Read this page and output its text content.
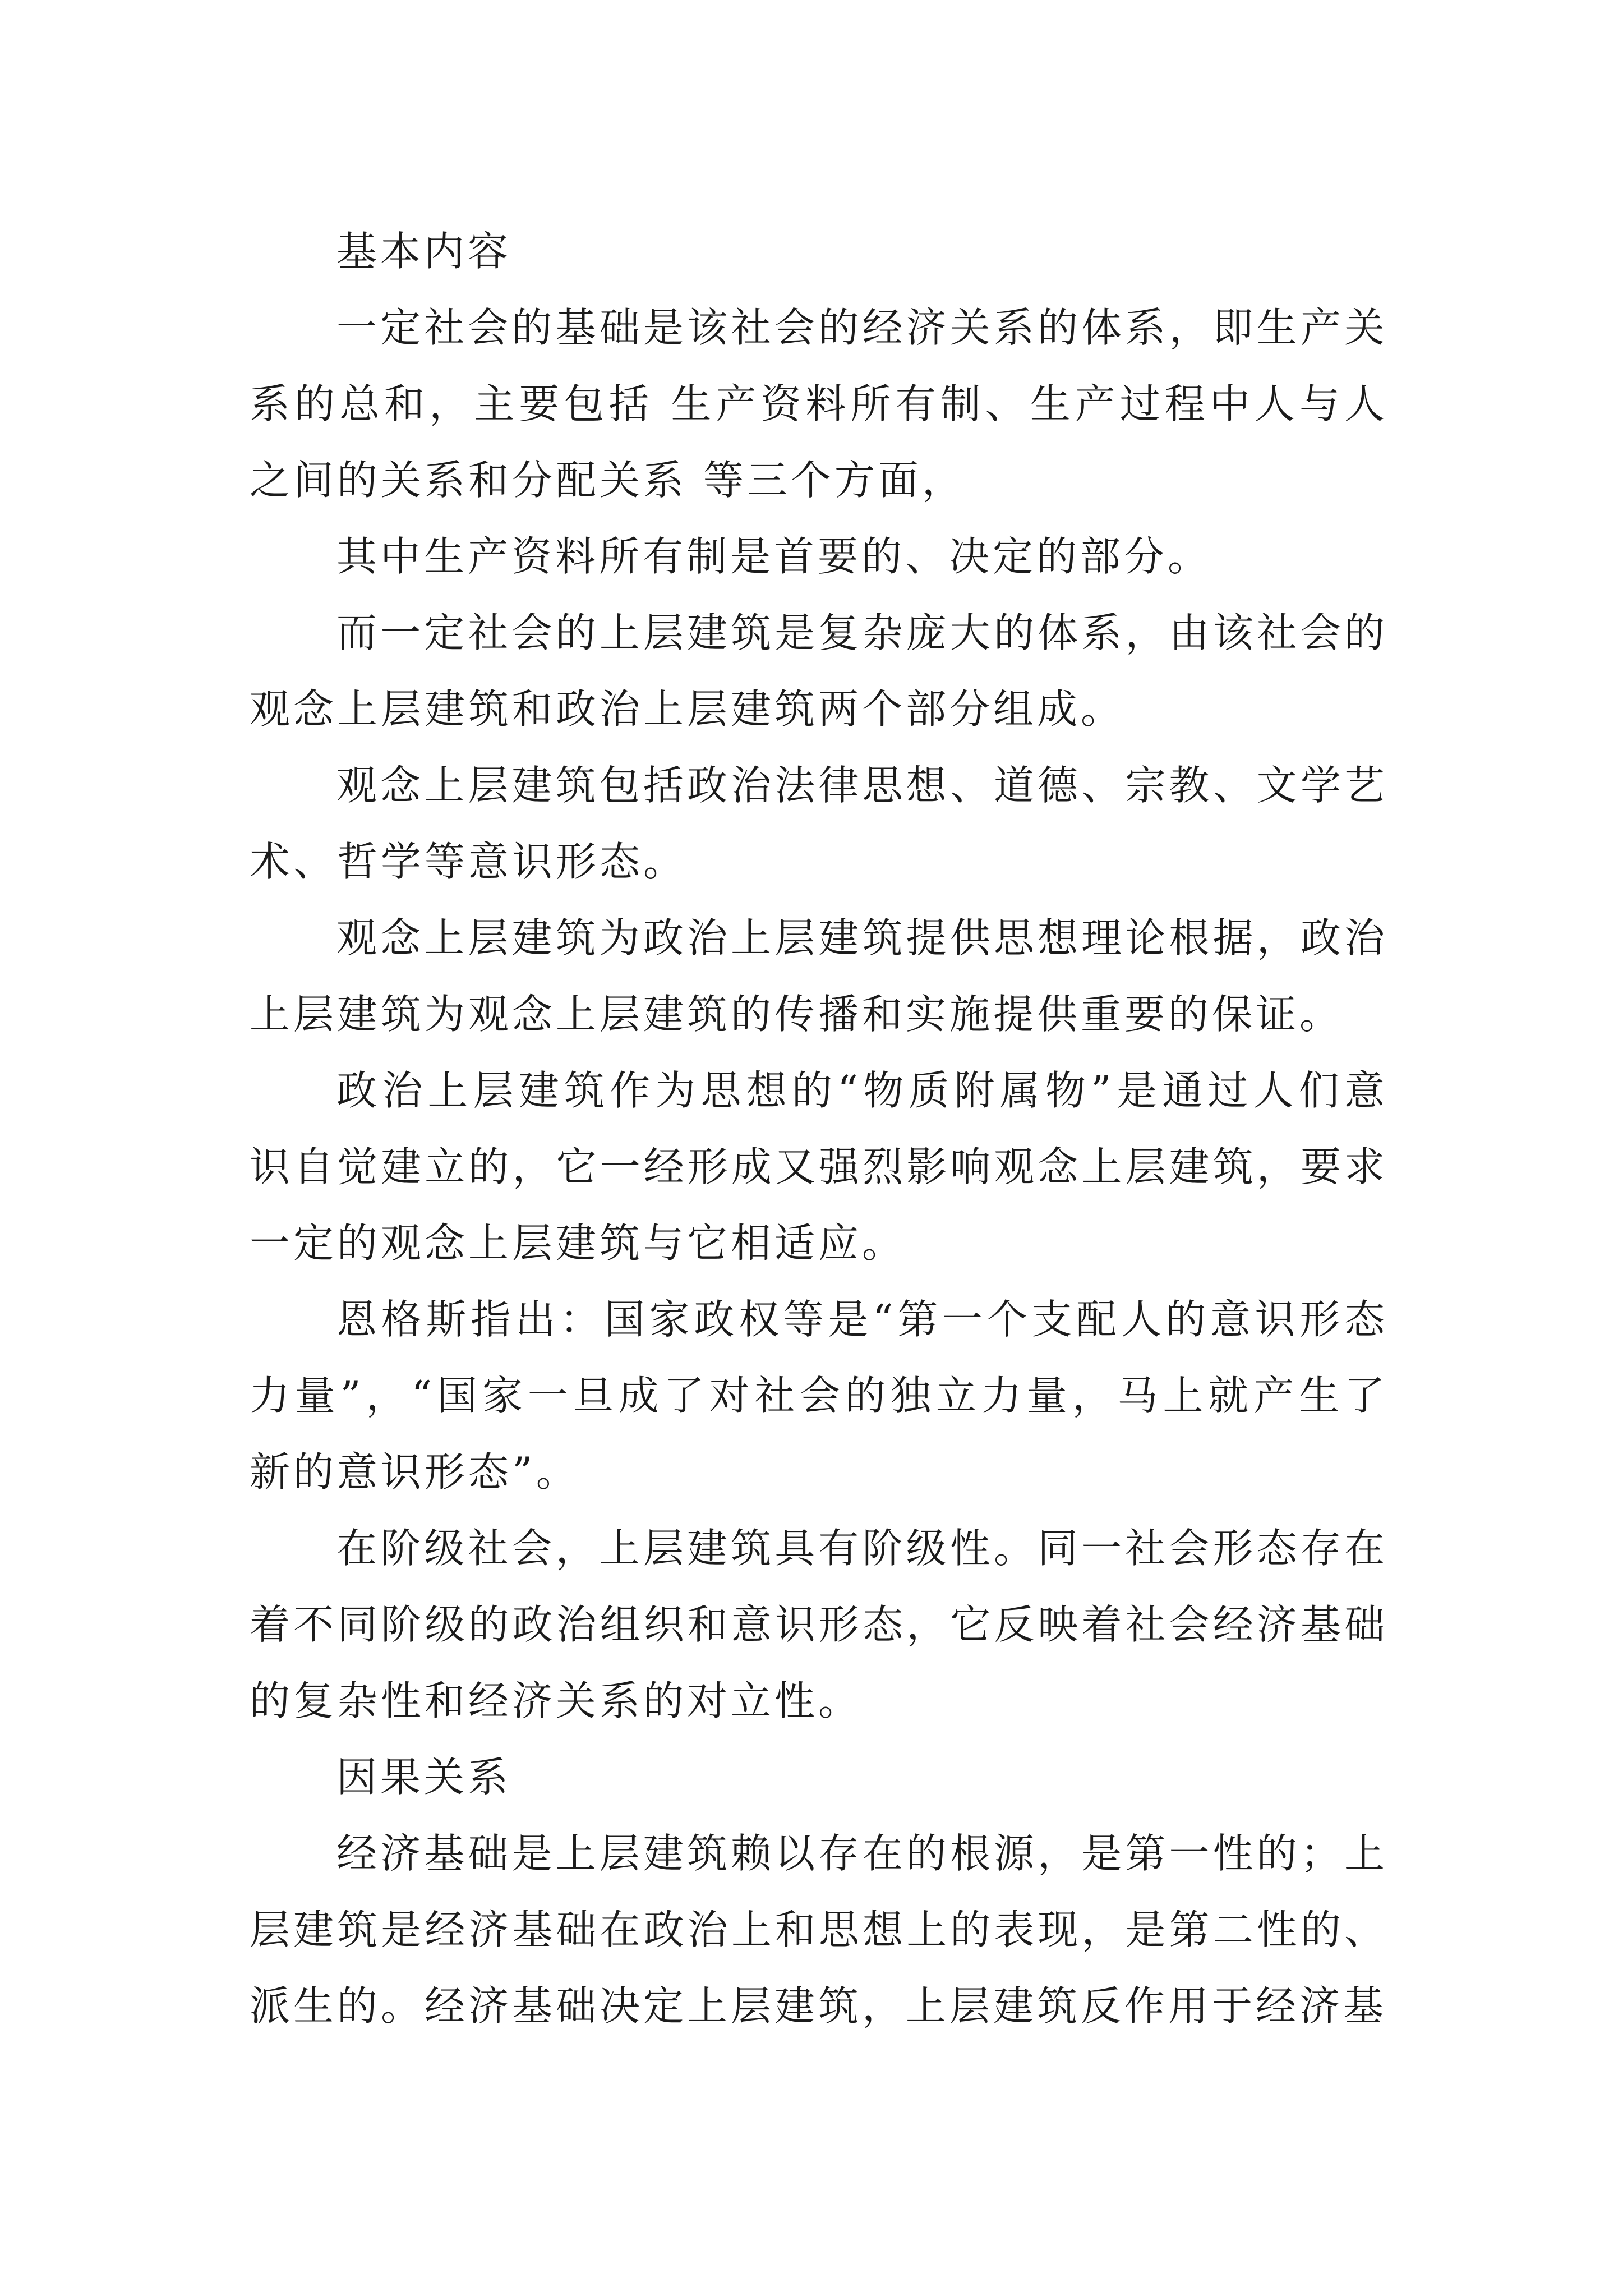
基本内容

一定社会的基础是该社会的经济关系的体系，即生产关系的总和，主要包括 生产资料所有制、生产过程中人与人之间的关系和分配关系 等三个方面，

其中生产资料所有制是首要的、决定的部分。

而一定社会的上层建筑是复杂庞大的体系，由该社会的观念上层建筑和政治上层建筑两个部分组成。

观念上层建筑包括政治法律思想、道德、宗教、文学艺术、哲学等意识形态。

观念上层建筑为政治上层建筑提供思想理论根据，政治上层建筑为观念上层建筑的传播和实施提供重要的保证。

政治上层建筑作为思想的“物质附属物”是通过人们意识自觉建立的，它一经形成又强烈影响观念上层建筑，要求一定的观念上层建筑与它相适应。

恩格斯指出：国家政权等是“第一个支配人的意识形态力量”，“国家一旦成了对社会的独立力量，马上就产生了新的意识形态”。

在阶级社会，上层建筑具有阶级性。同一社会形态存在着不同阶级的政治组织和意识形态，它反映着社会经济基础的复杂性和经济关系的对立性。

因果关系

经济基础是上层建筑赖以存在的根源，是第一性的；上层建筑是经济基础在政治上和思想上的表现，是第二性的、派生的。经济基础决定上层建筑，上层建筑反作用于经济基
